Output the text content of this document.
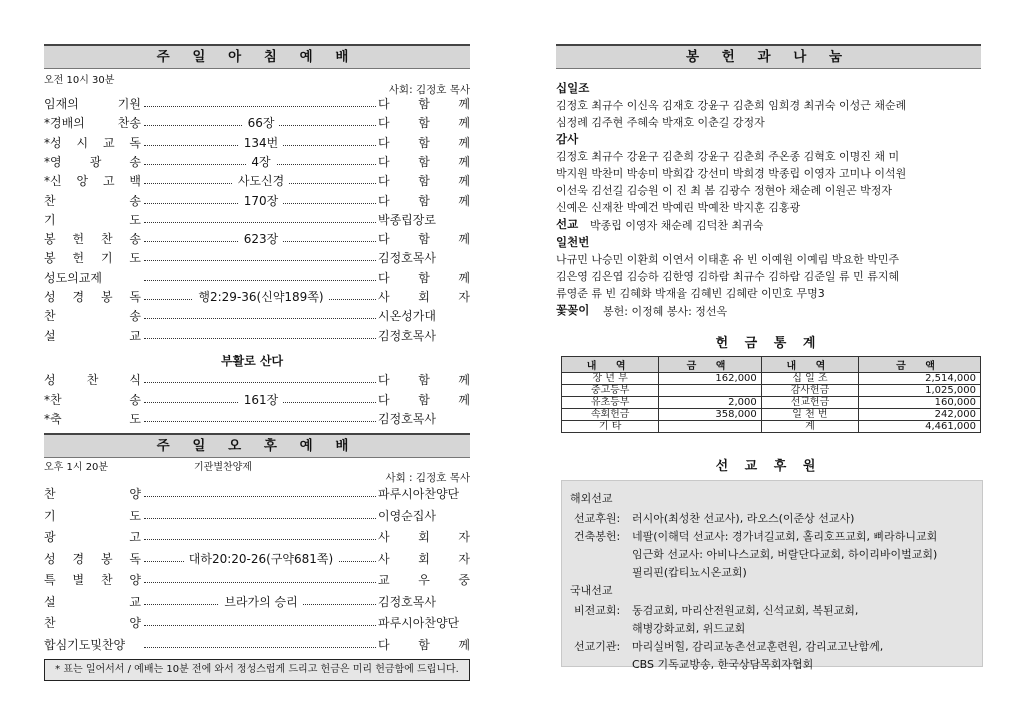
주 일 아 침 예 배
오전 10시 30분
사회: 김정호 목사
임재의 기원	다 함 께
*경배의 찬송	66장	다 함 께
*성 시 교 독	134번	다 함 께
*영 광 송	4장	다 함 께
*신 앙 고 백	사도신경	다 함 께
찬 송	170장	다 함 께
기 도	박종립장로
봉 헌 찬 송	623장	다 함 께
봉 헌 기 도	김정호목사
성도의교제	다 함 께
성 경 봉 독	행2:29-36(신약189쪽)	사 회 자
찬 송	시온성가대
설 교	김정호목사
부활로 산다
성 찬 식	다 함 께
*찬 송	161장	다 함 께
*축 도	김정호목사
주 일 오 후 예 배
오후 1시 20분	기관별찬양제
사회 : 김정호 목사
찬 양	파루시아찬양단
기 도	이영순집사
광 고	사 회 자
성 경 봉 독	대하20:20-26(구약681쪽)	사 회 자
특 별 찬 양	교 우 중
설 교	브라가의 승리	김정호목사
찬 양	파루시아찬양단
합심기도및찬양	다 함 께
* 표는 일어서서 / 예배는 10분 전에 와서 정성스럽게 드리고 헌금은 미리 헌금함에 드립니다.
봉 헌 과 나 눔
십일조
김정호 최규수 이신옥 김재호 강윤구 김춘희 임희경 최귀숙 이성근 채순례
심정례 김주현 주혜숙 박재호 이춘길 강정자
감사
김정호 최규수 강윤구 김춘희 강윤구 김춘희 주온종 김혁호 이명진 채 미
박지원 박찬미 박송미 박희갑 강선미 박희경 박종립 이영자 고미나 이석원
이선욱 김선길 김승원 이 진 최 봄 김광수 정현아 채순례 이원곤 박정자
신예은 신재찬 박예건 박예린 박예찬 박지훈 김홍광
선교 박종립 이영자 채순례 김덕찬 최귀숙
일천번
나규민 나승민 이환희 이연서 이태훈 유 빈 이예원 이예림 박요한 박민주
김은영 김은엽 김승하 김한영 김하람 최규수 김하람 김준일 류 민 류지혜
류영준 류 빈 김혜화 박재율 김혜빈 김혜란 이민호 무명3
꽃꽂이 봉헌: 이정혜 봉사: 정선옥
헌 금 통 계
내 역	금 액	내 역	금 액
장 년 부	162,000	십 일 조	2,514,000
중고등부		감사헌금	1,025,000
유초등부	2,000	선교헌금	160,000
속회헌금	358,000	일 천 번	242,000
기 타		계	4,461,000
선 교 후 원
해외선교
선교후원: 러시아(최성찬 선교사), 라오스(이준상 선교사)
건축봉헌: 네팔(이해덕 선교사: 경가녀길교회, 홀리호프교회, 삐라하니교회
임근화 선교사: 아비나스교회, 버랄단다교회, 하이리바이벌교회)
필리핀(캅티뇨시온교회)
국내선교
비전교회: 동검교회, 마리산전원교회, 신석교회, 복된교회,
해병강화교회, 위드교회
선교기관: 마리실버힐, 감리교농촌선교훈련원, 감리교고난함께,
CBS 기독교방송, 한국상담목회자협회
